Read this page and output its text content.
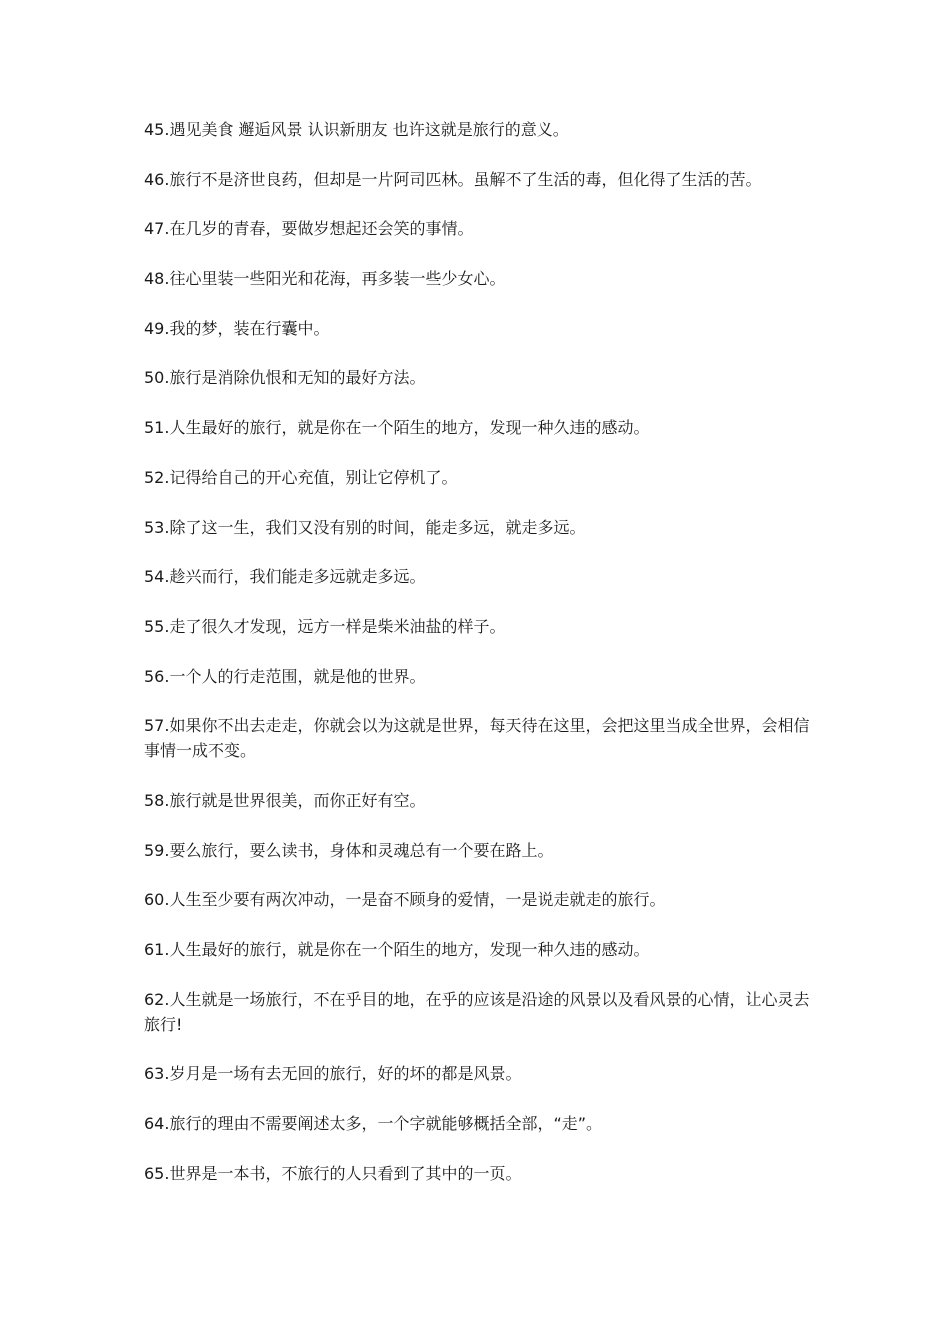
45.遇见美食 邂逅风景 认识新朋友 也许这就是旅行的意义。

46.旅行不是济世良药，但却是一片阿司匹林。虽解不了生活的毒，但化得了生活的苦。

47.在几岁的青春，要做岁想起还会笑的事情。

48.往心里装一些阳光和花海，再多装一些少女心。

49.我的梦，装在行囊中。

50.旅行是消除仇恨和无知的最好方法。

51.人生最好的旅行，就是你在一个陌生的地方，发现一种久违的感动。

52.记得给自己的开心充值，别让它停机了。

53.除了这一生，我们又没有别的时间，能走多远，就走多远。

54.趁兴而行，我们能走多远就走多远。

55.走了很久才发现，远方一样是柴米油盐的样子。

56.一个人的行走范围，就是他的世界。

57.如果你不出去走走，你就会以为这就是世界，每天待在这里，会把这里当成全世界，会相信事情一成不变。

58.旅行就是世界很美，而你正好有空。

59.要么旅行，要么读书，身体和灵魂总有一个要在路上。

60.人生至少要有两次冲动，一是奋不顾身的爱情，一是说走就走的旅行。

61.人生最好的旅行，就是你在一个陌生的地方，发现一种久违的感动。

62.人生就是一场旅行，不在乎目的地，在乎的应该是沿途的风景以及看风景的心情，让心灵去旅行!

63.岁月是一场有去无回的旅行，好的坏的都是风景。

64.旅行的理由不需要阐述太多，一个字就能够概括全部，“走”。

65.世界是一本书，不旅行的人只看到了其中的一页。
